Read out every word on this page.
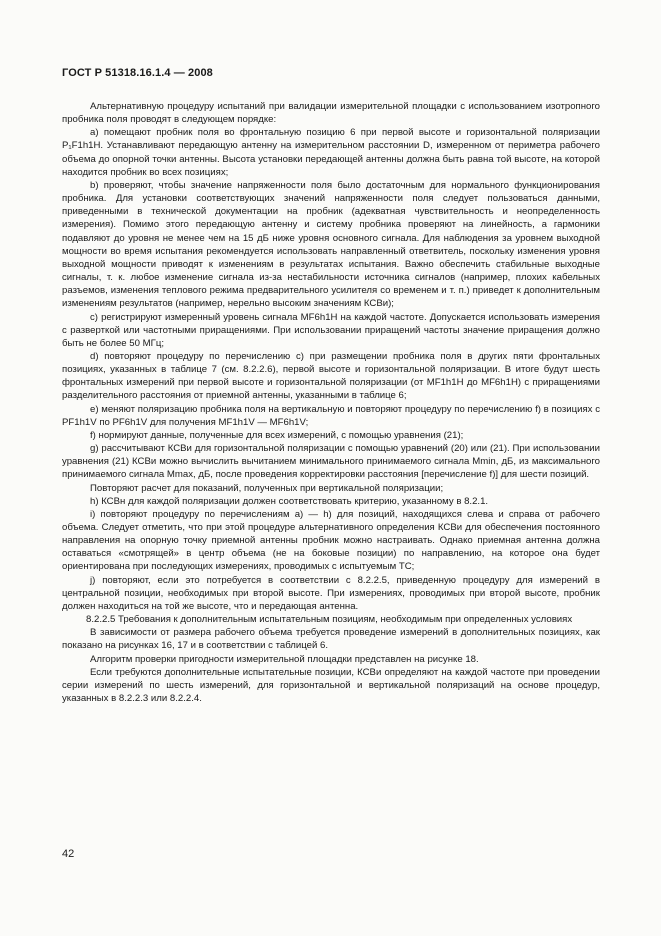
ГОСТ Р 51318.16.1.4 — 2008

Альтернативную процедуру испытаний при валидации измерительной площадки с использованием изотропного пробника поля проводят в следующем порядке:

a) помещают пробник поля во фронтальную позицию 6 при первой высоте и горизонтальной поляризации P₁F1h1H. Устанавливают передающую антенну на измерительном расстоянии D, измеренном от периметра рабочего объема до опорной точки антенны. Высота установки передающей антенны должна быть равна той высоте, на которой находится пробник во всех позициях;

b) проверяют, чтобы значение напряженности поля было достаточным для нормального функционирования пробника. Для установки соответствующих значений напряженности поля следует пользоваться данными, приведенными в технической документации на пробник (адекватная чувствительность и неопределенность измерения). Помимо этого передающую антенну и систему пробника проверяют на линейность, а гармоники подавляют до уровня не менее чем на 15 дБ ниже уровня основного сигнала. Для наблюдения за уровнем выходной мощности во время испытания рекомендуется использовать направленный ответвитель, поскольку изменения уровня выходной мощности приводят к изменениям в результатах испытания. Важно обеспечить стабильные выходные сигналы, т. к. любое изменение сигнала из-за нестабильности источника сигналов (например, плохих кабельных разъемов, изменения теплового режима предварительного усилителя со временем и т. п.) приведет к дополнительным изменениям результатов (например, нерельно высоким значениям КСВи);

c) регистрируют измеренный уровень сигнала MF6h1H на каждой частоте. Допускается использовать измерения с разверткой или частотными приращениями. При использовании приращений частоты значение приращения должно быть не более 50 МГц;

d) повторяют процедуру по перечислению c) при размещении пробника поля в других пяти фронтальных позициях, указанных в таблице 7 (см. 8.2.2.6), первой высоте и горизонтальной поляризации. В итоге будут шесть фронтальных измерений при первой высоте и горизонтальной поляризации (от MF1h1H до MF6h1H) с приращениями разделительного расстояния от приемной антенны, указанными в таблице 6;

e) меняют поляризацию пробника поля на вертикальную и повторяют процедуру по перечислению f) в позициях с PF1h1V по PF6h1V для получения MF1h1V — MF6h1V;

f) нормируют данные, полученные для всех измерений, с помощью уравнения (21);

g) рассчитывают КСВи для горизонтальной поляризации с помощью уравнений (20) или (21). При использовании уравнения (21) КСВи можно вычислить вычитанием минимального принимаемого сигнала Mmin, дБ, из максимального принимаемого сигнала Mmax, дБ, после проведения корректировки расстояния [перечисление f)] для шести позиций.

Повторяют расчет для показаний, полученных при вертикальной поляризации;

h) КСВн для каждой поляризации должен соответствовать критерию, указанному в 8.2.1.

i) повторяют процедуру по перечислениям a) — h) для позиций, находящихся слева и справа от рабочего объема. Следует отметить, что при этой процедуре альтернативного определения КСВи для обеспечения постоянного направления на опорную точку приемной антенны пробник можно настраивать. Однако приемная антенна должна оставаться «смотрящей» в центр объема (не на боковые позиции) по направлению, на которое она будет ориентирована при последующих измерениях, проводимых с испытуемым ТС;

j) повторяют, если это потребуется в соответствии с 8.2.2.5, приведенную процедуру для измерений в центральной позиции, необходимых при второй высоте. При измерениях, проводимых при второй высоте, пробник должен находиться на той же высоте, что и передающая антенна.

8.2.2.5 Требования к дополнительным испытательным позициям, необходимым при определенных условиях

В зависимости от размера рабочего объема требуется проведение измерений в дополнительных позициях, как показано на рисунках 16, 17 и в соответствии с таблицей 6.

Алгоритм проверки пригодности измерительной площадки представлен на рисунке 18.

Если требуются дополнительные испытательные позиции, КСВи определяют на каждой частоте при проведении серии измерений по шесть измерений, для горизонтальной и вертикальной поляризаций на основе процедур, указанных в 8.2.2.3 или 8.2.2.4.

42
